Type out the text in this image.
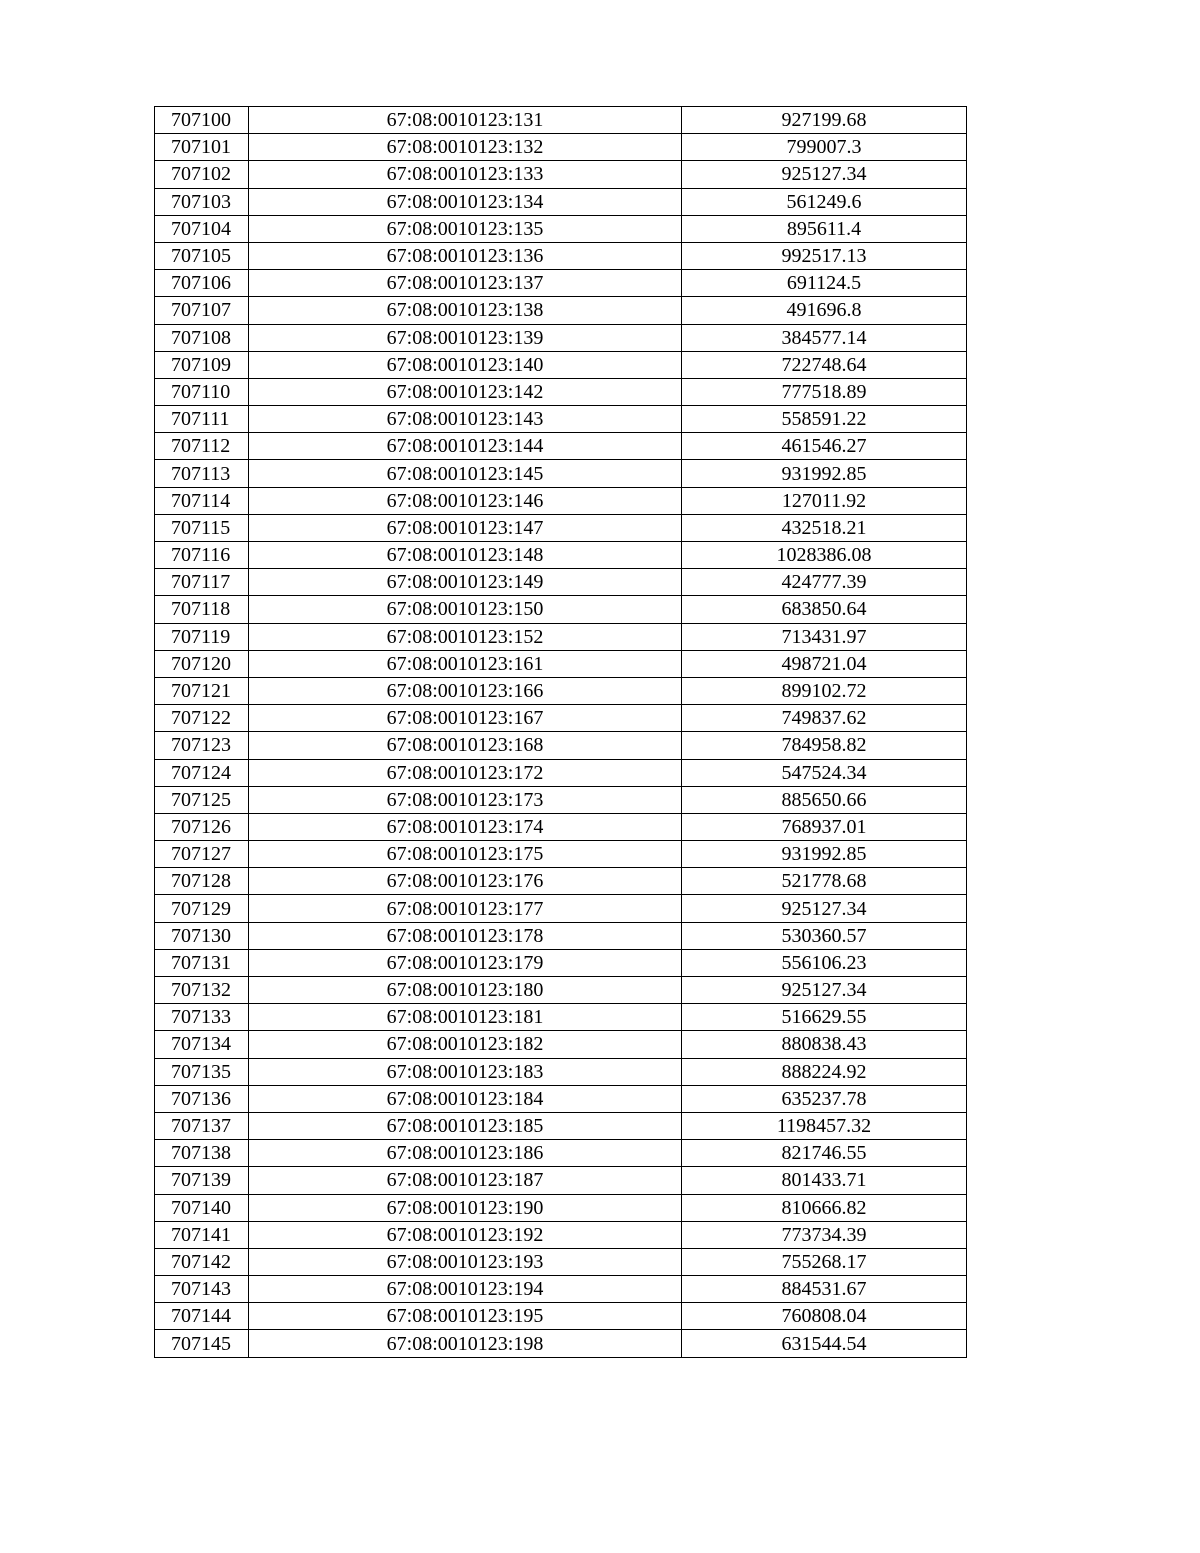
707100	67:08:0010123:131	927199.68
707101	67:08:0010123:132	799007.3
707102	67:08:0010123:133	925127.34
707103	67:08:0010123:134	561249.6
707104	67:08:0010123:135	895611.4
707105	67:08:0010123:136	992517.13
707106	67:08:0010123:137	691124.5
707107	67:08:0010123:138	491696.8
707108	67:08:0010123:139	384577.14
707109	67:08:0010123:140	722748.64
707110	67:08:0010123:142	777518.89
707111	67:08:0010123:143	558591.22
707112	67:08:0010123:144	461546.27
707113	67:08:0010123:145	931992.85
707114	67:08:0010123:146	127011.92
707115	67:08:0010123:147	432518.21
707116	67:08:0010123:148	1028386.08
707117	67:08:0010123:149	424777.39
707118	67:08:0010123:150	683850.64
707119	67:08:0010123:152	713431.97
707120	67:08:0010123:161	498721.04
707121	67:08:0010123:166	899102.72
707122	67:08:0010123:167	749837.62
707123	67:08:0010123:168	784958.82
707124	67:08:0010123:172	547524.34
707125	67:08:0010123:173	885650.66
707126	67:08:0010123:174	768937.01
707127	67:08:0010123:175	931992.85
707128	67:08:0010123:176	521778.68
707129	67:08:0010123:177	925127.34
707130	67:08:0010123:178	530360.57
707131	67:08:0010123:179	556106.23
707132	67:08:0010123:180	925127.34
707133	67:08:0010123:181	516629.55
707134	67:08:0010123:182	880838.43
707135	67:08:0010123:183	888224.92
707136	67:08:0010123:184	635237.78
707137	67:08:0010123:185	1198457.32
707138	67:08:0010123:186	821746.55
707139	67:08:0010123:187	801433.71
707140	67:08:0010123:190	810666.82
707141	67:08:0010123:192	773734.39
707142	67:08:0010123:193	755268.17
707143	67:08:0010123:194	884531.67
707144	67:08:0010123:195	760808.04
707145	67:08:0010123:198	631544.54
